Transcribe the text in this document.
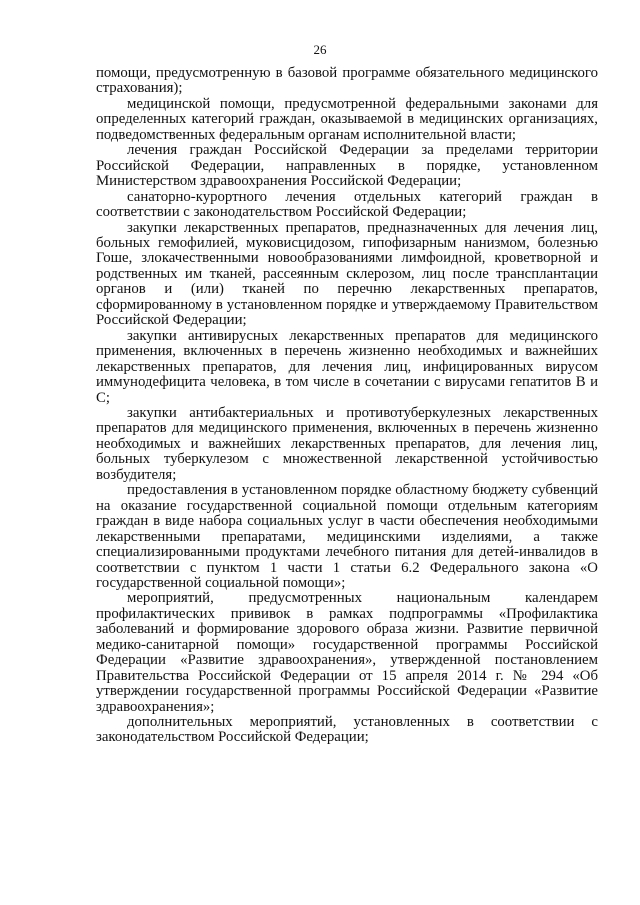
26

помощи, предусмотренную в базовой программе обязательного медицинского страхования);

медицинской помощи, предусмотренной федеральными законами для определенных категорий граждан, оказываемой в медицинских организациях, подведомственных федеральным органам исполнительной власти;

лечения граждан Российской Федерации за пределами территории Российской Федерации, направленных в порядке, установленном Министерством здравоохранения Российской Федерации;

санаторно-курортного лечения отдельных категорий граждан в соответствии с законодательством Российской Федерации;

закупки лекарственных препаратов, предназначенных для лечения лиц, больных гемофилией, муковисцидозом, гипофизарным нанизмом, болезнью Гоше, злокачественными новообразованиями лимфоидной, кроветворной и родственных им тканей, рассеянным склерозом, лиц после трансплантации органов и (или) тканей по перечню лекарственных препаратов, сформированному в установленном порядке и утверждаемому Правительством Российской Федерации;

закупки антивирусных лекарственных препаратов для медицинского применения, включенных в перечень жизненно необходимых и важнейших лекарственных препаратов, для лечения лиц, инфицированных вирусом иммунодефицита человека, в том числе в сочетании с вирусами гепатитов В и С;

закупки антибактериальных и противотуберкулезных лекарственных препаратов для медицинского применения, включенных в перечень жизненно необходимых и важнейших лекарственных препаратов, для лечения лиц, больных туберкулезом с множественной лекарственной устойчивостью возбудителя;

предоставления в установленном порядке областному бюджету субвенций на оказание государственной социальной помощи отдельным категориям граждан в виде набора социальных услуг в части обеспечения необходимыми лекарственными препаратами, медицинскими изделиями, а также специализированными продуктами лечебного питания для детей-инвалидов в соответствии с пунктом 1 части 1 статьи 6.2 Федерального закона «О государственной социальной помощи»;

мероприятий, предусмотренных национальным календарем профилактических прививок в рамках подпрограммы «Профилактика заболеваний и формирование здорового образа жизни. Развитие первичной медико-санитарной помощи» государственной программы Российской Федерации «Развитие здравоохранения», утвержденной постановлением Правительства Российской Федерации от 15 апреля 2014 г. № 294 «Об утверждении государственной программы Российской Федерации «Развитие здравоохранения»;

дополнительных мероприятий, установленных в соответствии с законодательством Российской Федерации;
